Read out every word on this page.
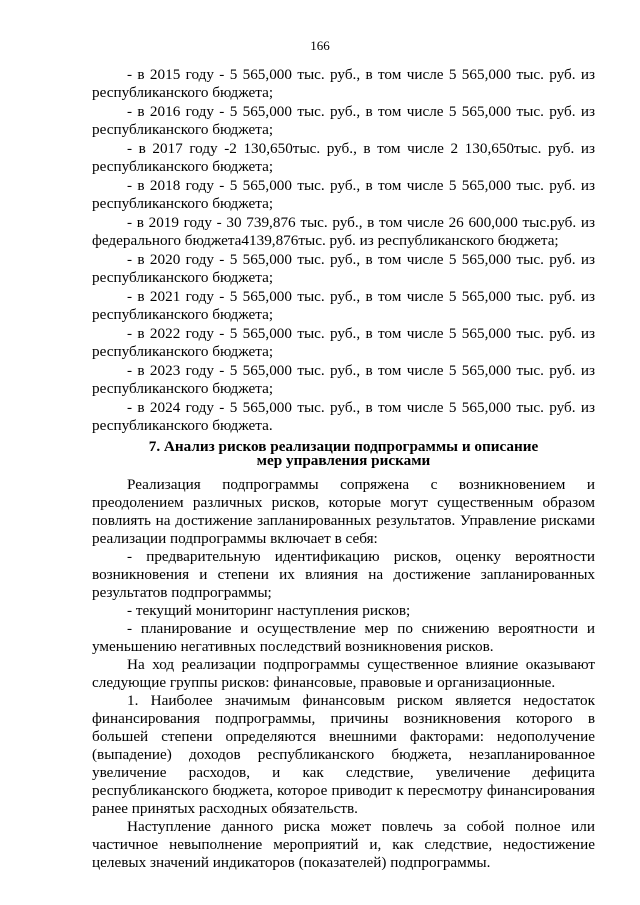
166

- в 2015 году - 5 565,000 тыс. руб., в том числе 5 565,000 тыс. руб. из
республиканского бюджета;

- в 2016 году - 5 565,000 тыс. руб., в том числе 5 565,000 тыс. руб. из
республиканского бюджета;

- в 2017 году -2 130,650тыс. руб., в том числе 2 130,650тыс. руб. из
республиканского бюджета;

- в 2018 году - 5 565,000 тыс. руб., в том числе 5 565,000 тыс. руб. из
республиканского бюджета;

- в 2019 году - 30 739,876 тыс. руб., в том числе 26 600,000 тыс.руб. из
федерального бюджета4139,876тыс. руб. из республиканского бюджета;

- в 2020 году - 5 565,000 тыс. руб., в том числе 5 565,000 тыс. руб. из
республиканского бюджета;

- в 2021 году - 5 565,000 тыс. руб., в том числе 5 565,000 тыс. руб. из
республиканского бюджета;

- в 2022 году - 5 565,000 тыс. руб., в том числе 5 565,000 тыс. руб. из
республиканского бюджета;

- в 2023 году - 5 565,000 тыс. руб., в том числе 5 565,000 тыс. руб. из
республиканского бюджета;

- в 2024 году - 5 565,000 тыс. руб., в том числе 5 565,000 тыс. руб. из
республиканского бюджета.

7. Анализ рисков реализации подпрограммы и описание
мер управления рисками

Реализация подпрограммы сопряжена с возникновением и преодолением различных рисков, которые могут существенным образом повлиять на достижение запланированных результатов. Управление рисками реализации подпрограммы включает в себя:

- предварительную идентификацию рисков, оценку вероятности возникновения и степени их влияния на достижение запланированных результатов подпрограммы;

- текущий мониторинг наступления рисков;

- планирование и осуществление мер по снижению вероятности и уменьшению негативных последствий возникновения рисков.

На ход реализации подпрограммы существенное влияние оказывают следующие группы рисков: финансовые, правовые и организационные.

1. Наиболее значимым финансовым риском является недостаток финансирования подпрограммы, причины возникновения которого в большей степени определяются внешними факторами: недополучение (выпадение) доходов республиканского бюджета, незапланированное увеличение расходов, и как следствие, увеличение дефицита республиканского бюджета, которое приводит к пересмотру финансирования ранее принятых расходных обязательств.

Наступление данного риска может повлечь за собой полное или частичное невыполнение мероприятий и, как следствие, недостижение целевых значений индикаторов (показателей) подпрограммы.
